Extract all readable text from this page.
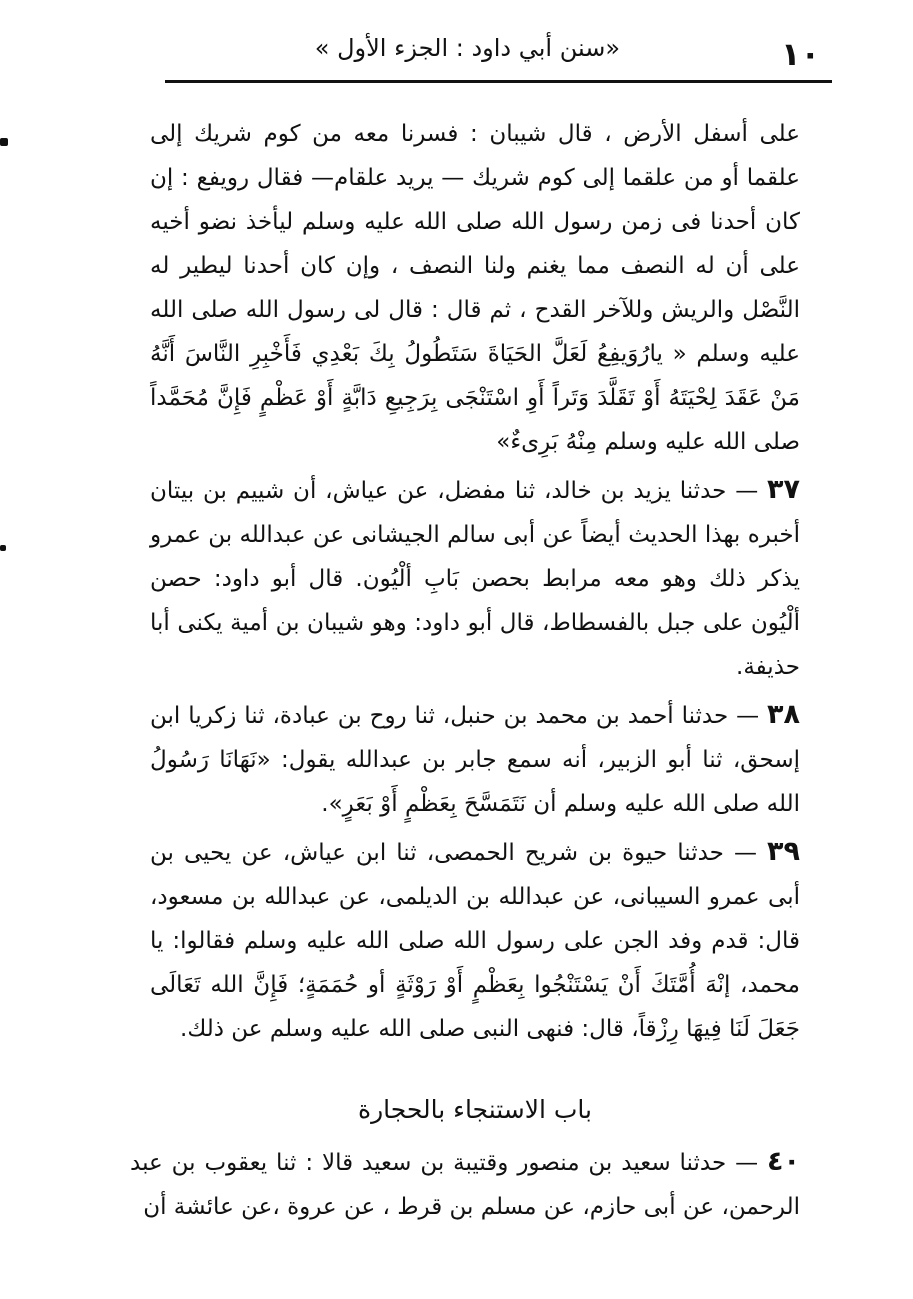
١٠
«سنن أبي داود : الجزء الأول »

على أسفل الأرض ، قال شيبان : فسرنا معه من كوم شريك إلى علقما أو من علقما إلى كوم شريك — يريد علقام— فقال رويفع : إن كان أحدنا فى زمن رسول الله صلى الله عليه وسلم ليأخذ نضو أخيه على أن له النصف مما يغنم ولنا النصف ، وإن كان أحدنا ليطير له النَّصْل والريش وللآخر القدح ، ثم قال : قال لى رسول الله صلى الله عليه وسلم « يارُوَيفِعُ لَعَلَّ الحَيَاةَ سَتَطُولُ بِكَ بَعْدِي فَأَخْبِرِ النَّاسَ أَنَّهُ مَنْ عَقَدَ لِحْيَتَهُ أَوْ تَقَلَّدَ وَتَراً أَوِ اسْتَنْجَى بِرَجِيعِ دَابَّةٍ أَوْ عَظْمٍ فَإِنَّ مُحَمَّداً صلى الله عليه وسلم مِنْهُ بَرِىءٌ»

٣٧ — حدثنا يزيد بن خالد، ثنا مفضل، عن عياش، أن شييم بن بيتان أخبره بهذا الحديث أيضاً عن أبى سالم الجيشانى عن عبدالله بن عمرو يذكر ذلك وهو معه مرابط بحصن بَابِ ألْيُون. قال أبو داود: حصن ألْيُون على جبل بالفسطاط، قال أبو داود: وهو شيبان بن أمية يكنى أبا حذيفة.

٣٨ — حدثنا أحمد بن محمد بن حنبل، ثنا روح بن عبادة، ثنا زكريا ابن إسحق، ثنا أبو الزبير، أنه سمع جابر بن عبدالله يقول: «نَهَانَا رَسُولُ الله صلى الله عليه وسلم أن نَتَمَسَّحَ بِعَظْمٍ أَوْ بَعَرٍ».

٣٩ — حدثنا حيوة بن شريح الحمصى، ثنا ابن عياش، عن يحيى بن أبى عمرو السيبانى، عن عبدالله بن الديلمى، عن عبدالله بن مسعود، قال: قدم وفد الجن على رسول الله صلى الله عليه وسلم فقالوا: يا محمد، إنْهَ أُمَّتَكَ أَنْ يَسْتَنْجُوا بِعَظْمٍ أَوْ رَوْثَةٍ أو حُمَمَةٍ؛ فَإِنَّ الله تَعَالَى جَعَلَ لَنَا فِيهَا رِزْقاً، قال: فنهى النبى صلى الله عليه وسلم عن ذلك.

باب الاستنجاء بالحجارة

٤٠ — حدثنا سعيد بن منصور وقتيبة بن سعيد قالا : ثنا يعقوب بن عبد الرحمن، عن أبى حازم، عن مسلم بن قرط ، عن عروة ،عن عائشة أن
